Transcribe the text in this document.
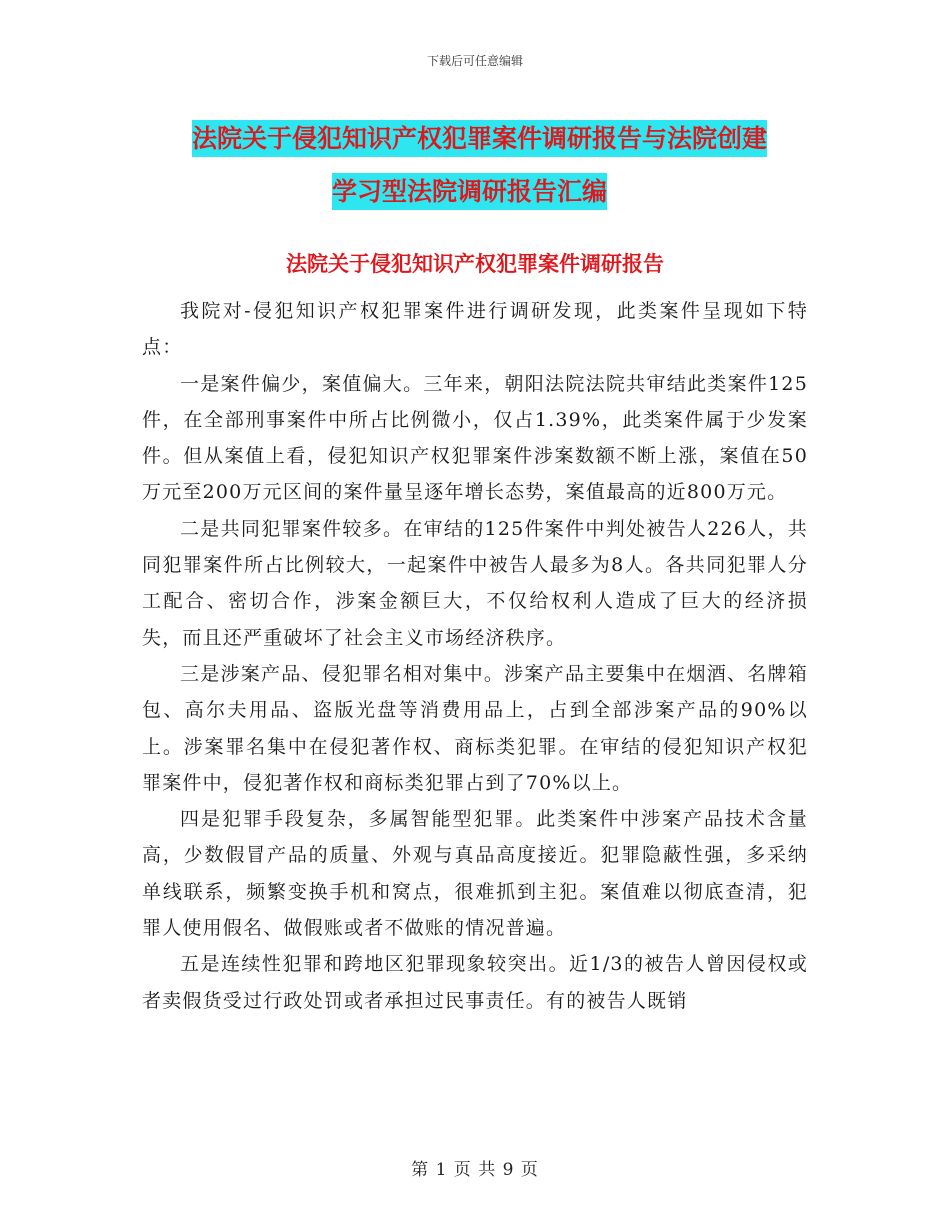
下载后可任意编辑
法院关于侵犯知识产权犯罪案件调研报告与法院创建
学习型法院调研报告汇编
法院关于侵犯知识产权犯罪案件调研报告

我院对-侵犯知识产权犯罪案件进行调研发现，此类案件呈现如下特点：

一是案件偏少，案值偏大。三年来，朝阳法院法院共审结此类案件125件，在全部刑事案件中所占比例微小，仅占1.39%，此类案件属于少发案件。但从案值上看，侵犯知识产权犯罪案件涉案数额不断上涨，案值在50万元至200万元区间的案件量呈逐年增长态势，案值最高的近800万元。

二是共同犯罪案件较多。在审结的125件案件中判处被告人226人，共同犯罪案件所占比例较大，一起案件中被告人最多为8人。各共同犯罪人分工配合、密切合作，涉案金额巨大，不仅给权利人造成了巨大的经济损失，而且还严重破坏了社会主义市场经济秩序。

三是涉案产品、侵犯罪名相对集中。涉案产品主要集中在烟酒、名牌箱包、高尔夫用品、盗版光盘等消费用品上，占到全部涉案产品的90%以上。涉案罪名集中在侵犯著作权、商标类犯罪。在审结的侵犯知识产权犯罪案件中，侵犯著作权和商标类犯罪占到了70%以上。

四是犯罪手段复杂，多属智能型犯罪。此类案件中涉案产品技术含量高，少数假冒产品的质量、外观与真品高度接近。犯罪隐蔽性强，多采纳单线联系，频繁变换手机和窝点，很难抓到主犯。案值难以彻底查清，犯罪人使用假名、做假账或者不做账的情况普遍。

五是连续性犯罪和跨地区犯罪现象较突出。近1/3的被告人曾因侵权或者卖假货受过行政处罚或者承担过民事责任。有的被告人既销

第 1 页 共 9 页
